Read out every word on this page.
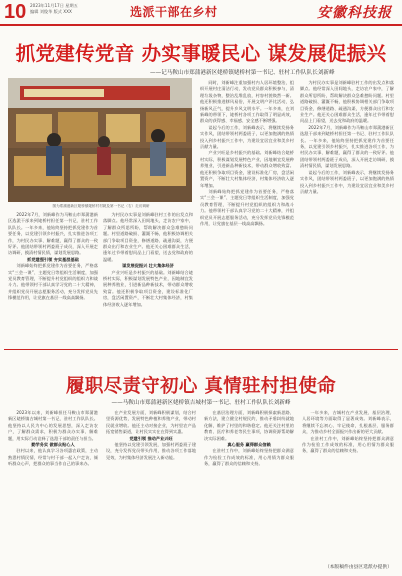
10 2023年11月17日 星期五
编辑 刘俊华 版式 XXX	选派干部在乡村	安徽科技报
抓党建传党音 办实事暖民心 谋发展促振兴
——记马鞍山市郑蒲港新区姥桥镇姥桥村第一书记、驻村工作队队长刘新峰
图为郑蒲港新区姥桥镇姥桥村村貌及第一书记（右）走访调研

2022年7月，刘新峰作为马鞍山市郑蒲港新区选派干部来到姥桥村担任第一书记、驻村工作队队长。一年多来，他始终坚持把抓党建作为首要任务，以党建引领乡村振兴，扎实推进各项工作，为村民办实事、解难题，赢得了群众的一致好评。他团结带领村两委班子成员，深入开展走访调研，摸清村情民情，谋划发展思路。

抓党建强引领 夯实基层基础

刘新峰始终把抓党建作为首要任务，严格落实“三会一课”、主题党日等组织生活制度，加强党员教育管理，不断提升村党组织的组织力和战斗力。他带领村干部认真学习党的二十大精神，并组织党员开展志愿服务活动，充分发挥党员先锋模范作用，让党旗在基层一线高高飘扬。

为村民办实事是刘新峰驻村工作的出发点和落脚点。他经常深入田间地头，走访农户家中，了解群众所思所盼，帮助解决群众急难愁盼问题。村里道路破损、灌溉不畅，他积极协调相关部门争取项目资金，修缮道路、疏通沟渠，方便群众出行和农业生产。他还关心困难群众生活，逢年过节带着慰问品上门看望，送去党和政府的温暖。

谋发展促振兴 壮大集体经济

产业兴旺是乡村振兴的基础。刘新峰结合姥桥村实际，积极谋划发展特色产业，因地制宜发展种养殖业，引进新品种新技术，带动群众增收致富。他还积极争取项目资金，建设标准化厂房，盘活闲置资产，不断壮大村集体经济，村集体经济收入逐年增加。

同时，刘新峰注重加强村内人居环境整治，组织开展村庄清洁行动，发动党员群众积极参与，清理垃圾杂物，整治乱堆乱放，村容村貌焕然一新。他还积极推进移风易俗，开展文明户评比活动，弘扬新风正气，提升乡风文明水平。一年多来，在刘新峰的带领下，姥桥村各项工作取得了明显成效，群众的获得感、幸福感、安全感不断增强。

谈起今后的工作，刘新峰表示，将继续发扬务实作风，团结带领村两委班子，以更加饱满的热情投入到乡村振兴工作中，为建设宜居宜业和美乡村贡献力量。

产业兴旺是乡村振兴的基础。刘新峰结合姥桥村实际，积极谋划发展特色产业，因地制宜发展种养殖业，引进新品种新技术，带动群众增收致富。他还积极争取项目资金，建设标准化厂房，盘活闲置资产，不断壮大村集体经济，村集体经济收入逐年增加。

刘新峰始终把抓党建作为首要任务，严格落实“三会一课”、主题党日等组织生活制度，加强党员教育管理，不断提升村党组织的组织力和战斗力。他带领村干部认真学习党的二十大精神，并组织党员开展志愿服务活动，充分发挥党员先锋模范作用，让党旗在基层一线高高飘扬。

为村民办实事是刘新峰驻村工作的出发点和落脚点。他经常深入田间地头，走访农户家中，了解群众所思所盼，帮助解决群众急难愁盼问题。村里道路破损、灌溉不畅，他积极协调相关部门争取项目资金，修缮道路、疏通沟渠，方便群众出行和农业生产。他还关心困难群众生活，逢年过节带着慰问品上门看望，送去党和政府的温暖。

2022年7月，刘新峰作为马鞍山市郑蒲港新区选派干部来到姥桥村担任第一书记、驻村工作队队长。一年多来，他始终坚持把抓党建作为首要任务，以党建引领乡村振兴，扎实推进各项工作，为村民办实事、解难题，赢得了群众的一致好评。他团结带领村两委班子成员，深入开展走访调研，摸清村情民情，谋划发展思路。

谈起今后的工作，刘新峰表示，将继续发扬务实作风，团结带领村两委班子，以更加饱满的热情投入到乡村振兴工作中，为建设宜居宜业和美乡村贡献力量。

履职尽责守初心 真情驻村担使命
——马鞍山市郑蒲港新区姥桥镇吉城村第一书记、驻村工作队队长刘新峰

2023年以来，刘新峰担任马鞍山市郑蒲港新区姥桥镇吉城村第一书记、驻村工作队队长。他坚持以人民为中心的发展思想，深入走访农户，了解群众需求，积极为群众办实事、解难题，用实际行动诠释了选派干部的责任与担当。

勤学务实 做群众贴心人

驻村以来，他认真学习各项惠农政策，主动熟悉村情民情，经常与村干部一起入户走访，倾听群众心声，把群众的事当作自己的事来办。

在产业发展方面，刘新峰积极谋划，结合村里资源优势，发展特色种植和养殖产业，带动村民就业增收。他还主动对接企业，为村里农产品拓宽销售渠道，让村民实实在在得到实惠。

党建引领 推动产业兴旺

他坚持以党建引领发展，加强村两委班子建设，充分发挥党员带头作用，推动各项工作落地见效，为村集体经济发展注入新动能。

在基层治理方面，刘新峰积极探索新思路、新方法，建立健全村规民约，推动矛盾纠纷就地化解，维护了村里的和谐稳定。他还关注村里的教育、医疗和养老等民生事项，协调资源帮助解决实际困难。

真心服务 赢得群众信赖

在驻村工作中，刘新峰始终坚持把群众满意作为检验工作成效的标准，用心用情为群众服务，赢得了群众的信赖和支持。

一年多来，吉城村在产业发展、基层治理、人居环境等方面取得了显著成效。刘新峰表示，将继续不忘初心、牢记使命，扎根基层、服务群众，为推动乡村全面振兴作出新的更大贡献。

在驻村工作中，刘新峰始终坚持把群众满意作为检验工作成效的标准，用心用情为群众服务，赢得了群众的信赖和支持。

（本版稿件由县区选派办提供）
